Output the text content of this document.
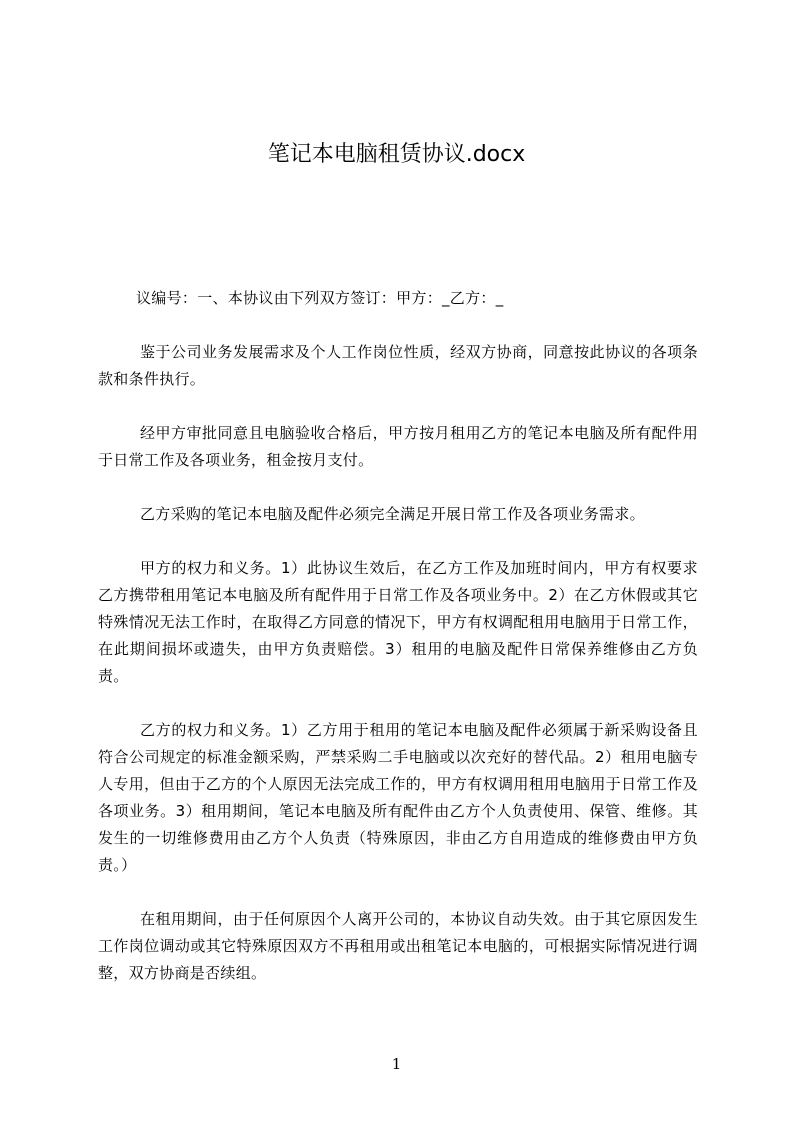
笔记本电脑租赁协议.docx

议编号：一、本协议由下列双方签订：甲方：_乙方：_

鉴于公司业务发展需求及个人工作岗位性质，经双方协商，同意按此协议的各项条款和条件执行。

经甲方审批同意且电脑验收合格后，甲方按月租用乙方的笔记本电脑及所有配件用于日常工作及各项业务，租金按月支付。

乙方采购的笔记本电脑及配件必须完全满足开展日常工作及各项业务需求。

甲方的权力和义务。1）此协议生效后，在乙方工作及加班时间内，甲方有权要求乙方携带租用笔记本电脑及所有配件用于日常工作及各项业务中。2）在乙方休假或其它特殊情况无法工作时，在取得乙方同意的情况下，甲方有权调配租用电脑用于日常工作，在此期间损坏或遗失，由甲方负责赔偿。3）租用的电脑及配件日常保养维修由乙方负责。

乙方的权力和义务。1）乙方用于租用的笔记本电脑及配件必须属于新采购设备且符合公司规定的标准金额采购，严禁采购二手电脑或以次充好的替代品。2）租用电脑专人专用，但由于乙方的个人原因无法完成工作的，甲方有权调用租用电脑用于日常工作及各项业务。3）租用期间，笔记本电脑及所有配件由乙方个人负责使用、保管、维修。其发生的一切维修费用由乙方个人负责（特殊原因，非由乙方自用造成的维修费由甲方负责。）

在租用期间，由于任何原因个人离开公司的，本协议自动失效。由于其它原因发生工作岗位调动或其它特殊原因双方不再租用或出租笔记本电脑的，可根据实际情况进行调整，双方协商是否续组。

1
